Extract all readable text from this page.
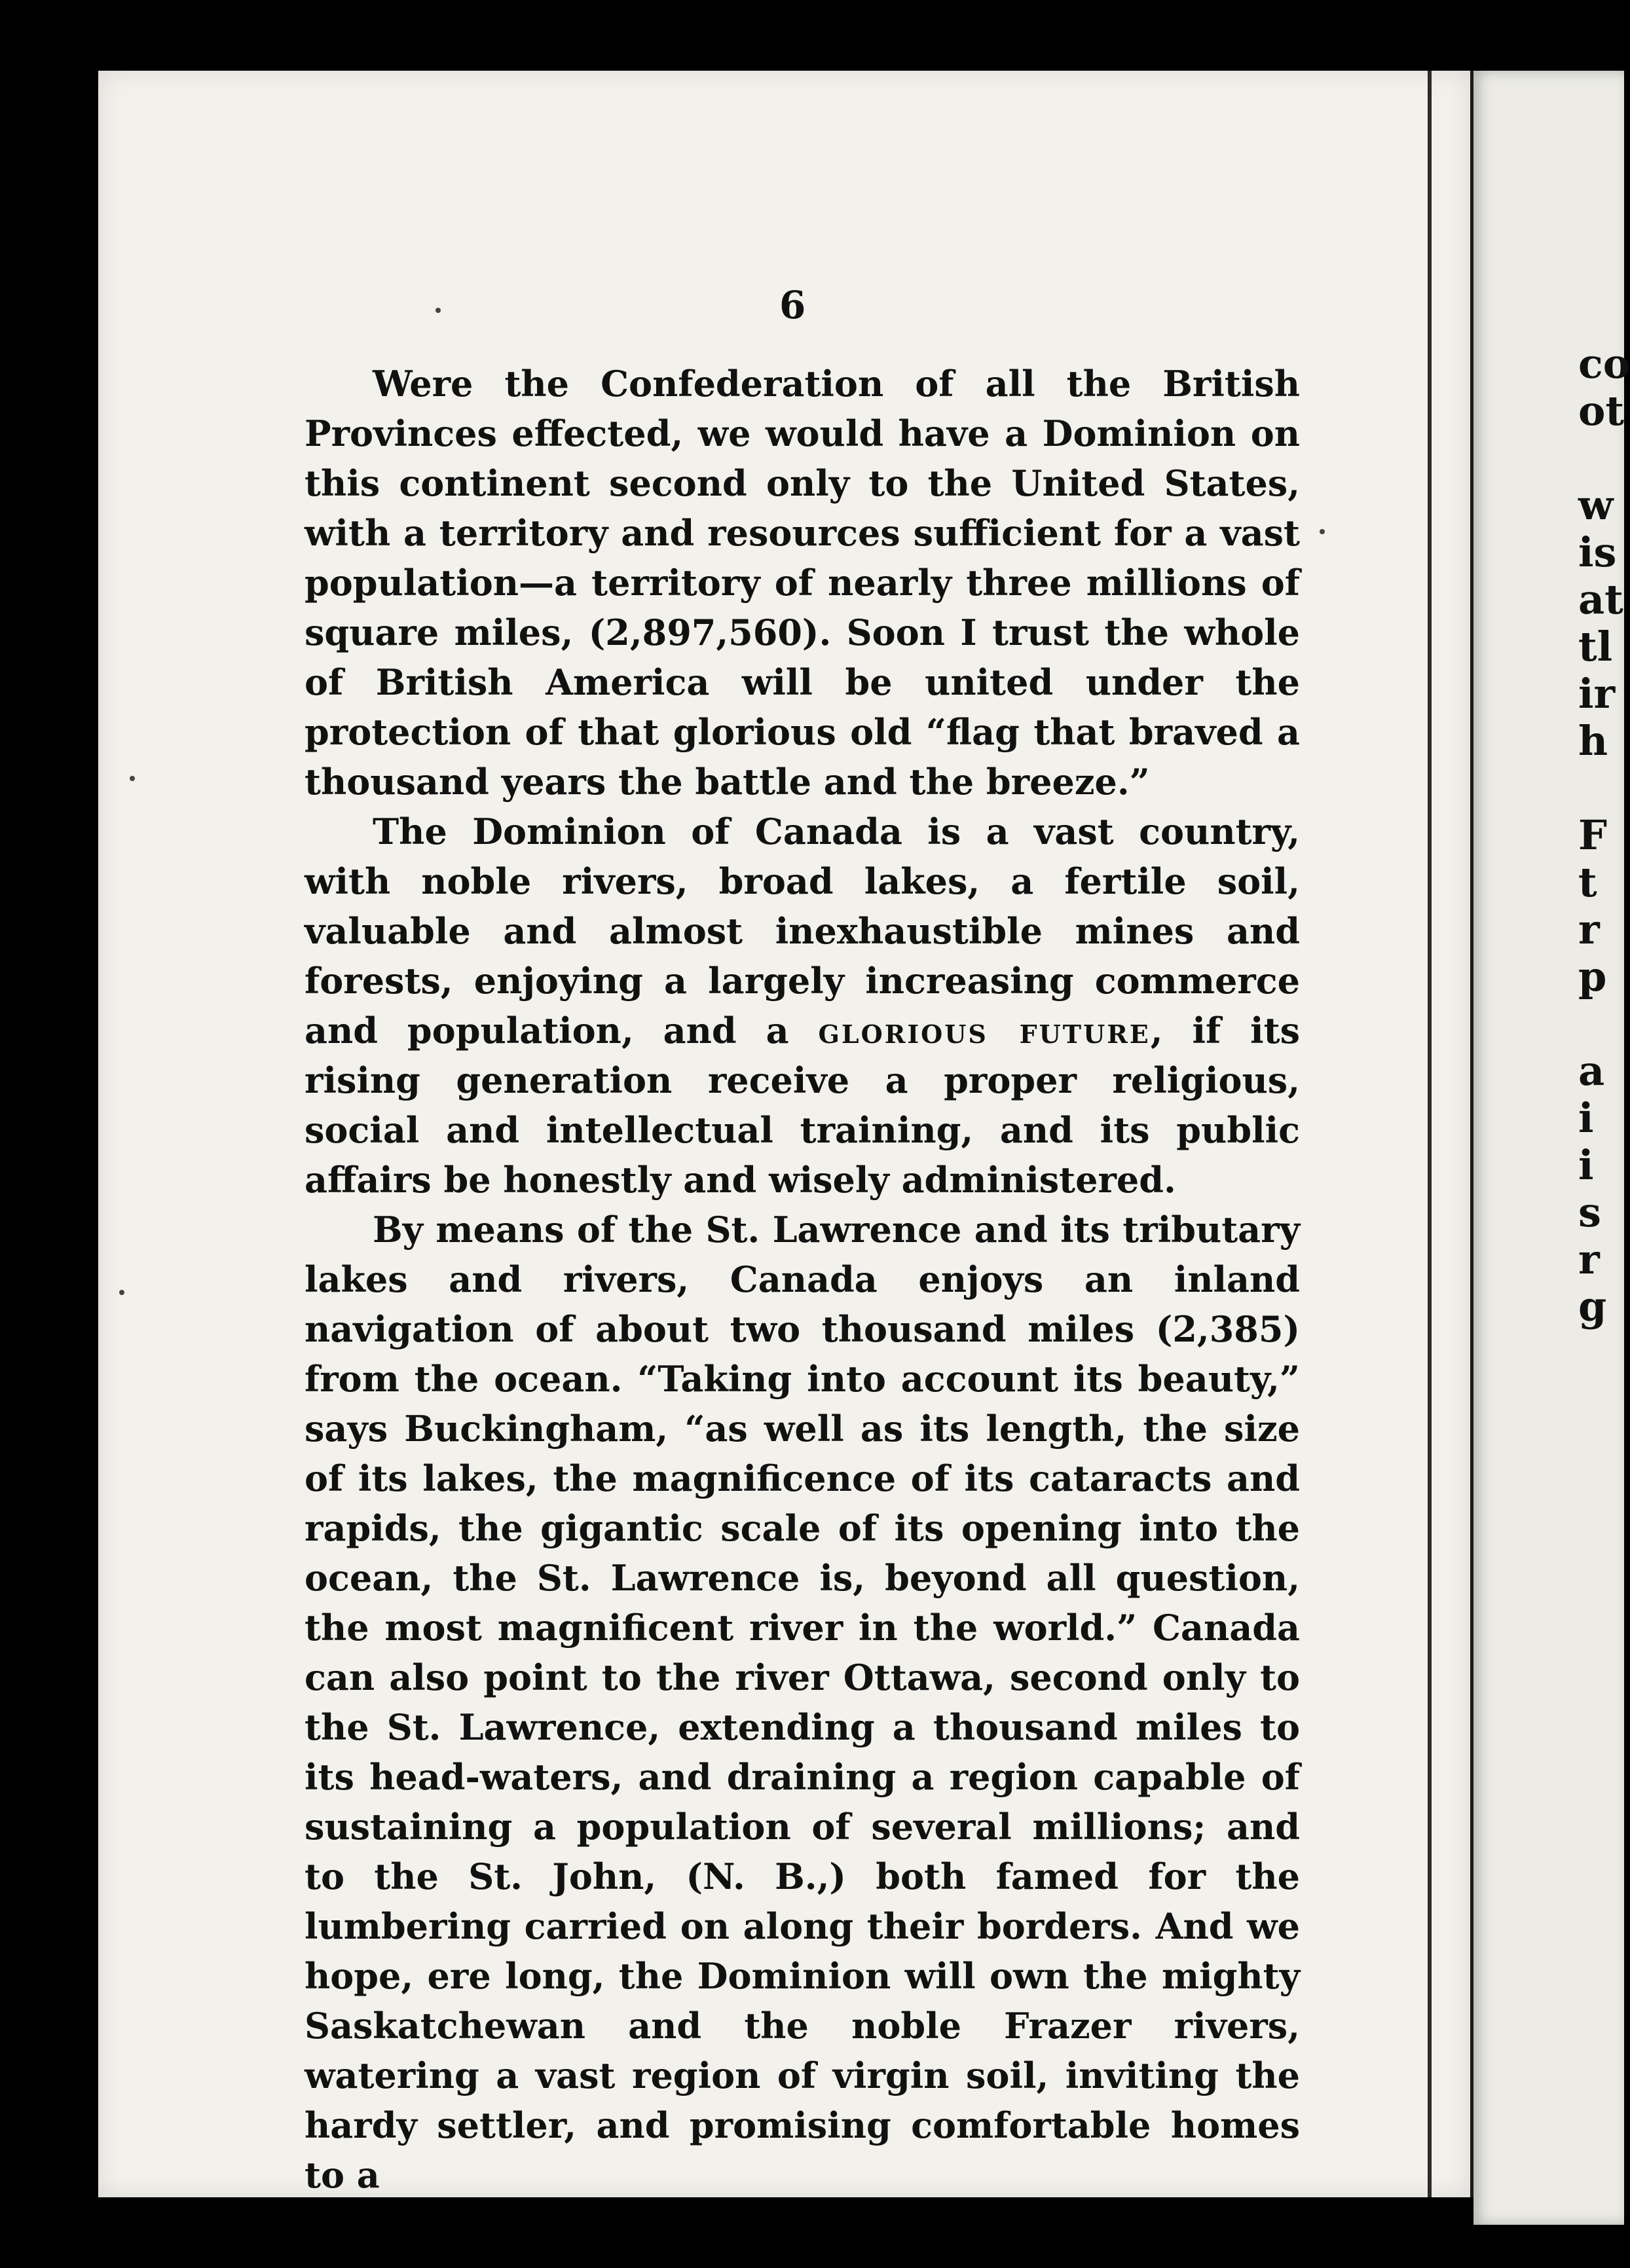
co
ot
w
is
at
tl
ir
h
F
t
r
p
a
i
i
s
r
g
6

Were the Confederation of all the British Provinces effected, we would have a Dominion on this continent second only to the United States, with a territory and resources sufficient for a vast population—a territory of nearly three millions of square miles, (2,897,560). Soon I trust the whole of British America will be united under the protection of that glorious old “flag that braved a thousand years the battle and the breeze.”

The Dominion of Canada is a vast country, with noble rivers, broad lakes, a fertile soil, valuable and almost inexhaustible mines and forests, enjoying a largely increasing commerce and population, and a glorious future, if its rising generation receive a proper religious, social and intellectual training, and its public affairs be honestly and wisely administered.

By means of the St. Lawrence and its tributary lakes and rivers, Canada enjoys an inland navigation of about two thousand miles (2,385) from the ocean. “Taking into account its beauty,” says Buckingham, “as well as its length, the size of its lakes, the magnificence of its cataracts and rapids, the gigantic scale of its opening into the ocean, the St. Lawrence is, beyond all question, the most magnificent river in the world.” Canada can also point to the river Ottawa, second only to the St. Lawrence, extending a thousand miles to its head-waters, and draining a region capable of sustaining a population of several millions; and to the St. John, (N. B.,) both famed for the lumbering carried on along their borders. And we hope, ere long, the Dominion will own the mighty Saskatchewan and the noble Frazer rivers, watering a vast region of virgin soil, inviting the hardy settler, and promising comfortable homes to a
